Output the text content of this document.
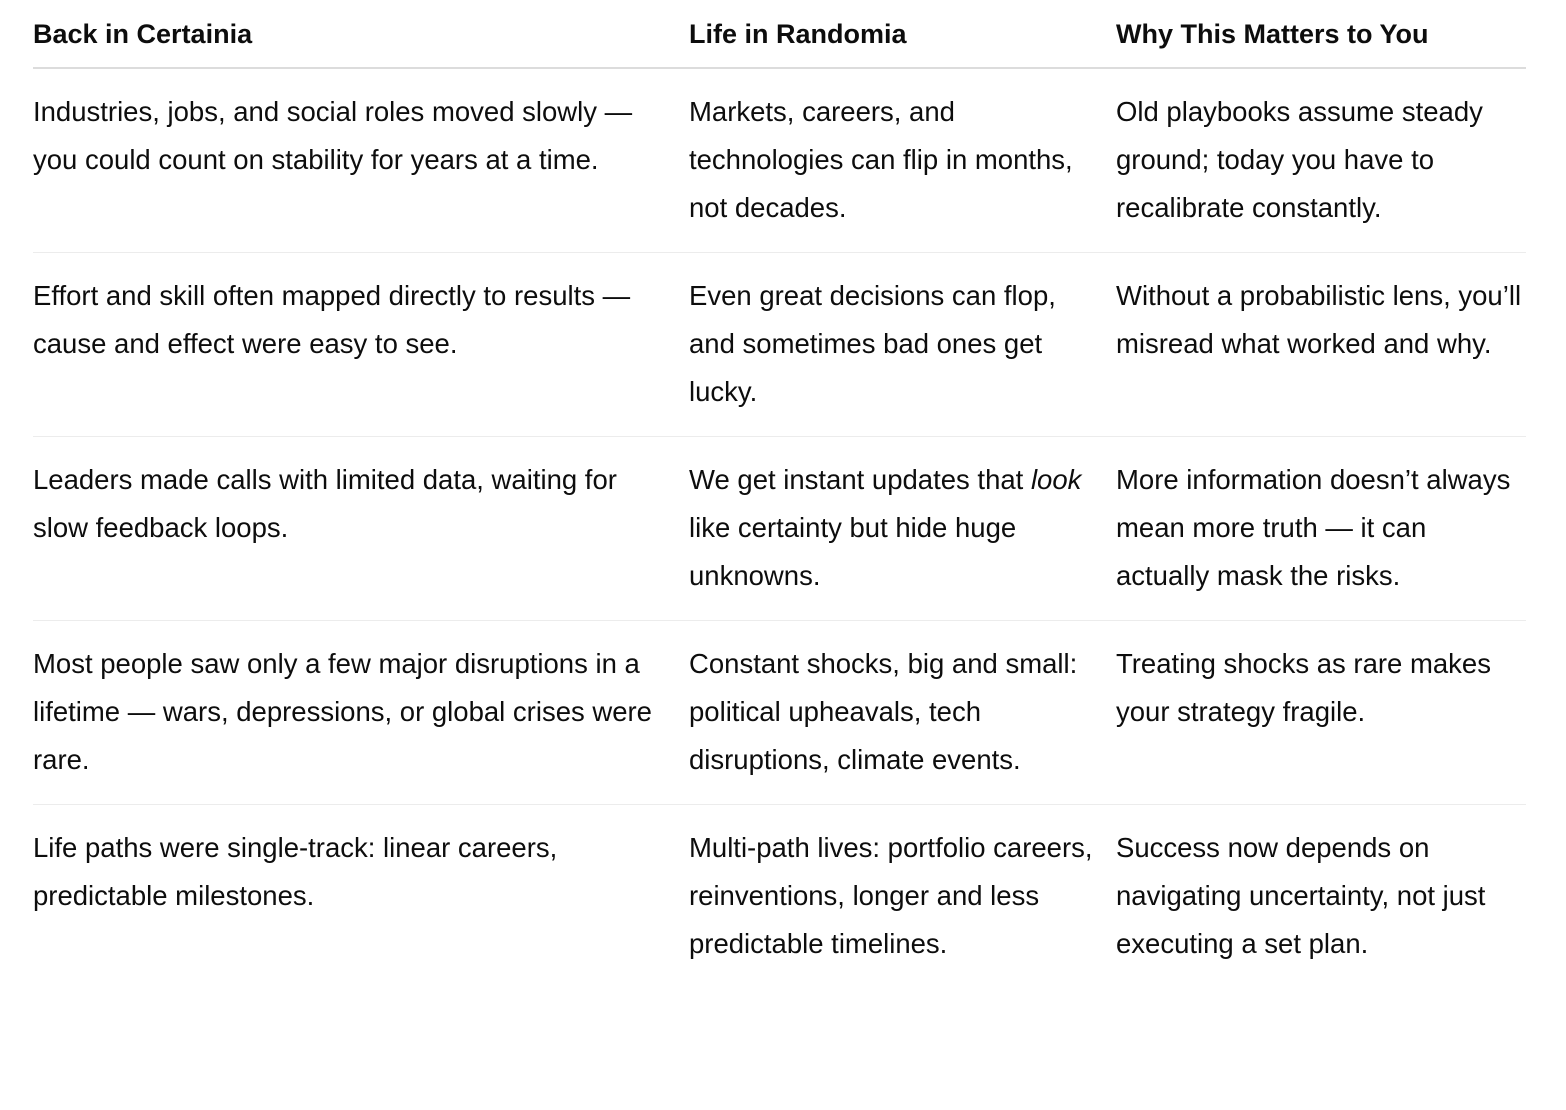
Back in Certainia	Life in Randomia	Why This Matters to You
Industries, jobs, and social roles moved slowly — you could count on stability for years at a time.	Markets, careers, and technologies can flip in months, not decades.	Old playbooks assume steady ground; today you have to recalibrate constantly.
Effort and skill often mapped directly to results — cause and effect were easy to see.	Even great decisions can flop, and sometimes bad ones get lucky.	Without a probabilistic lens, you’ll misread what worked and why.
Leaders made calls with limited data, waiting for slow feedback loops.	We get instant updates that look like certainty but hide huge unknowns.	More information doesn’t always mean more truth — it can actually mask the risks.
Most people saw only a few major disruptions in a lifetime — wars, depressions, or global crises were rare.	Constant shocks, big and small: political upheavals, tech disruptions, climate events.	Treating shocks as rare makes your strategy fragile.
Life paths were single-track: linear careers, predictable milestones.	Multi-path lives: portfolio careers, reinventions, longer and less predictable timelines.	Success now depends on navigating uncertainty, not just executing a set plan.
